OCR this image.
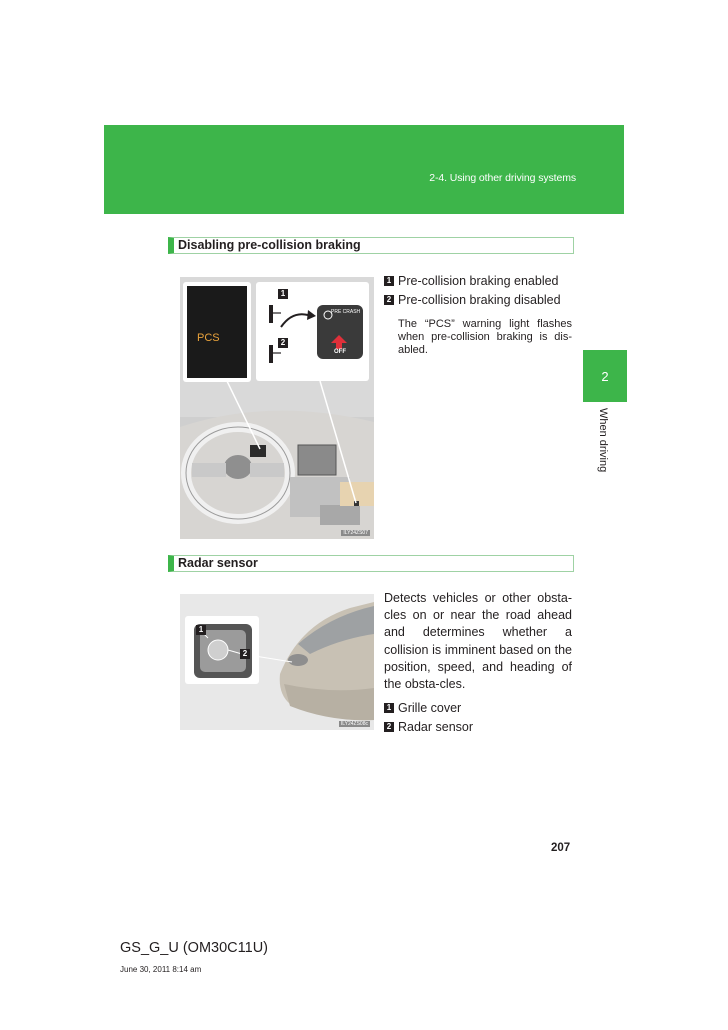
2-4. Using other driving systems
2
When driving
Disabling pre-collision braking
PCS
1
2
PRE CRASH
OFF
ILY24ZS07
1 Pre-collision braking enabled
2 Pre-collision braking disabled
The “PCS” warning light flashes when pre-collision braking is dis-abled.
Radar sensor
1
2
ILY24ZS08c
Detects vehicles or other obsta-cles on or near the road ahead and determines whether a collision is imminent based on the position, speed, and heading of the obsta-cles.
1 Grille cover
2 Radar sensor
207
GS_G_U (OM30C11U)
June 30, 2011 8:14 am
